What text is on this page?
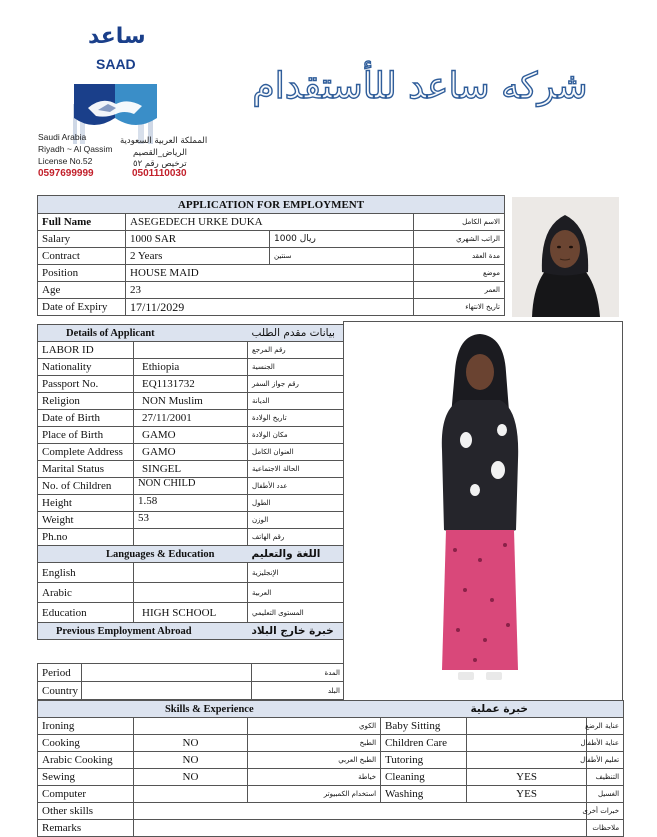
ساعد
SAAD
Saudi Arabia
Riyadh ~ Al Qassim
License No.52
0597699999
المملكة العربية السعودية
الرياض_القصيم
ترخيص رقم ٥٢
0501110030
شركه ساعد للأستقدام
APPLICATION FOR EMPLOYMENT			
Full Name	ASEGEDECH URKE DUKA		الاسم الكامل
Salary	1000 SAR	1000 ريال	الراتب الشهري
Contract	2 Years	سنتين	مدة العقد
Position	HOUSE MAID		موضع
Age	23		العمر
Date of Expiry	17/11/2029		تاريخ الانتهاء
Details of Applicant		بيانات مقدم الطلب
LABOR ID		رقم المرجع
Nationality	Ethiopia	الجنسية
Passport No.	EQ1131732	رقم جواز السفر
Religion	NON Muslim	الديانة
Date of Birth	27/11/2001	تاريخ الولادة
Place of Birth	GAMO	مكان الولادة
Complete Address	GAMO	العنوان الكامل
Marital Status	SINGEL	الحالة الاجتماعية
No. of Children	NON CHILD	عدد الأطفال
Height	1.58	الطول
Weight	53	الوزن
Ph.no		رقم الهاتف
Languages & Education		اللغة والتعليم
English		الإنجليزية
Arabic		العربية
Education	HIGH SCHOOL	المستوى التعليمي
Previous Employment Abroad		خبرة خارج البلاد
Period		المدة
Country		البلد
Skills & Experience			خبرة عملية		
Ironing		الكوي	Baby Sitting		عناية الرضع
Cooking	NO	الطبخ	Children Care		عناية الأطفال
Arabic Cooking	NO	الطبخ العربي	Tutoring		تعليم الأطفال
Sewing	NO	خياطة	Cleaning	YES	التنظيف
Computer		استخدام الكمبيوتر	Washing	YES	الغسيل
Other skills					خبرات أخرى
Remarks					ملاحظات
